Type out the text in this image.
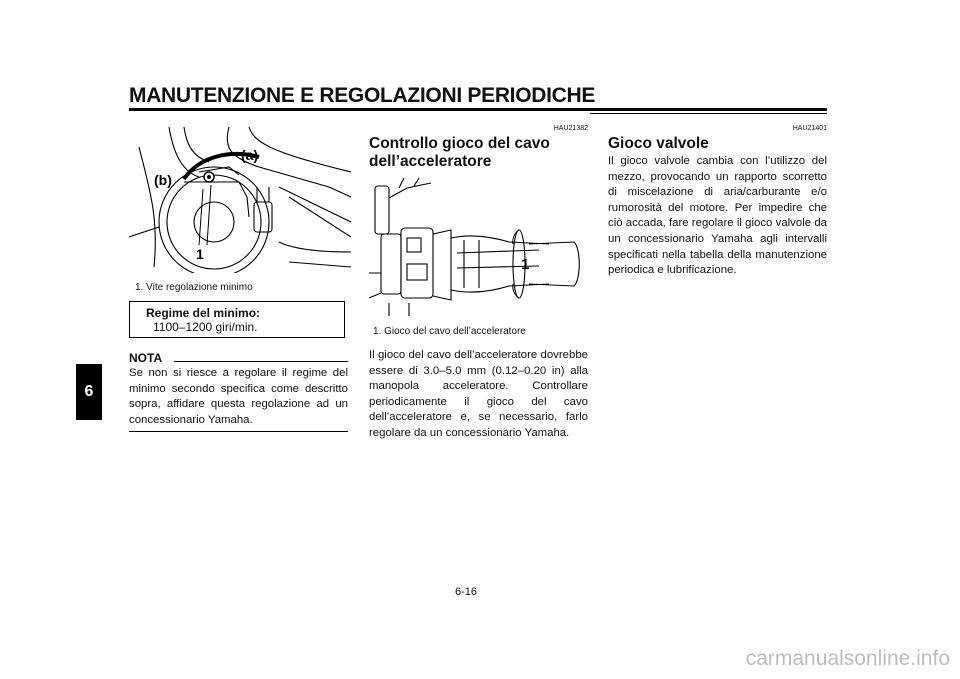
MANUTENZIONE E REGOLAZIONI PERIODICHE
6
(a)
(b)
1
1. Vite regolazione minimo
Regime del minimo:
1100–1200 giri/min.
NOTA
Se non si riesce a regolare il regime del minimo secondo specifica come descritto sopra, affidare questa regolazione ad un concessionario Yamaha.
HAU21382
Controllo gioco del cavo
dell’acceleratore
1
1. Gioco del cavo dell’acceleratore
Il gioco del cavo dell’acceleratore dovrebbe essere di 3.0–5.0 mm (0.12–0.20 in) alla manopola acceleratore. Controllare periodicamente il gioco del cavo dell’acceleratore e, se necessario, farlo regolare da un concessionario Yamaha.
HAU21401
Gioco valvole
Il gioco valvole cambia con l’utilizzo del mezzo, provocando un rapporto scorretto di miscelazione di aria/carburante e/o rumorosità del motore. Per impedire che ciò accada, fare regolare il gioco valvole da un concessionario Yamaha agli intervalli specificati nella tabella della manutenzione periodica e lubrificazione.
6-16
carmanualsonline.info
